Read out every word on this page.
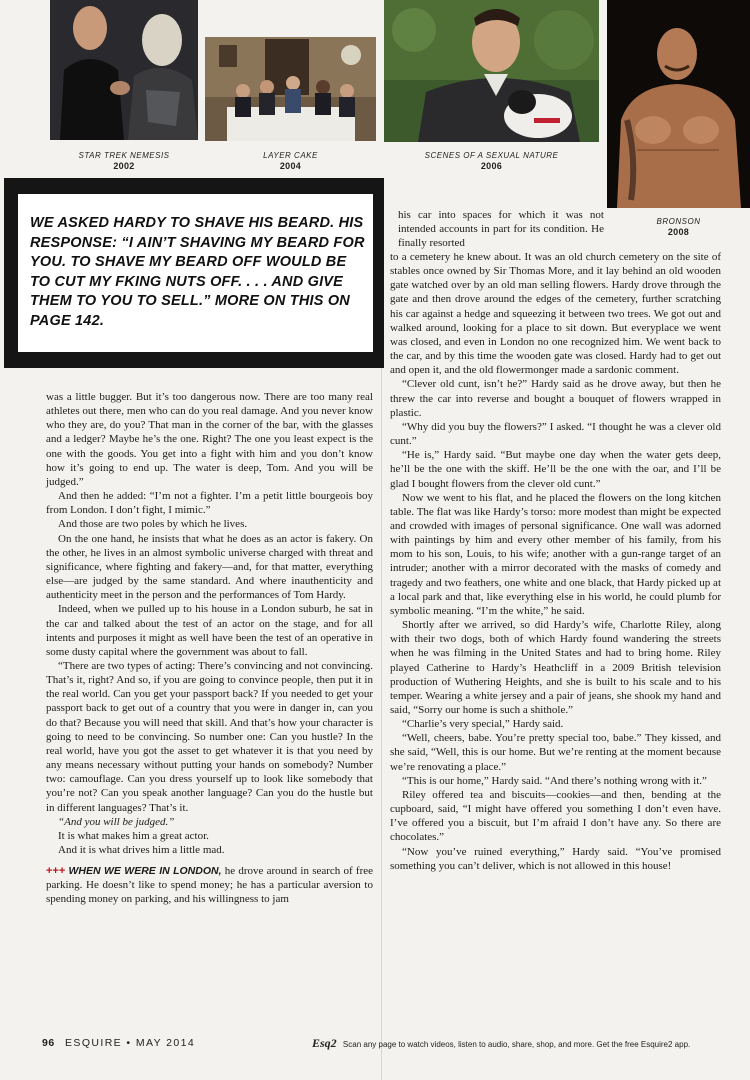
STAR TREK NEMESIS
2002
LAYER CAKE
2004
SCENES OF A SEXUAL NATURE
2006
BRONSON
2008
WE ASKED HARDY TO SHAVE HIS BEARD. HIS RESPONSE: “I AIN’T SHAVING MY BEARD FOR YOU. TO SHAVE MY BEARD OFF WOULD BE TO CUT MY FKING NUTS OFF. . . . AND GIVE THEM TO YOU TO SELL.” MORE ON THIS ON PAGE 142.

was a little bugger. But it’s too dangerous now. There are too many real athletes out there, men who can do you real damage. And you never know who they are, do you? That man in the corner of the bar, with the glasses and a ledger? Maybe he’s the one. Right? The one you least expect is the one with the goods. You get into a fight with him and you don’t know how it’s going to end up. The water is deep, Tom. And you will be judged.”

And then he added: “I’m not a fighter. I’m a petit little bourgeois boy from London. I don’t fight, I mimic.”

And those are two poles by which he lives.

On the one hand, he insists that what he does as an actor is fakery. On the other, he lives in an almost symbolic universe charged with threat and significance, where fighting and fakery—and, for that matter, everything else—are judged by the same standard. And where inauthenticity and authenticity meet in the person and the performances of Tom Hardy.

Indeed, when we pulled up to his house in a London suburb, he sat in the car and talked about the test of an actor on the stage, and for all intents and purposes it might as well have been the test of an operative in some dusty capital where the government was about to fall.

“There are two types of acting: There’s convincing and not convincing. That’s it, right? And so, if you are going to convince people, then put it in the real world. Can you get your passport back? If you needed to get your passport back to get out of a country that you were in danger in, can you do that? Because you will need that skill. And that’s how your character is going to need to be convincing. So number one: Can you hustle? In the real world, have you got the asset to get whatever it is that you need by any means necessary without putting your hands on somebody? Number two: camouflage. Can you dress yourself up to look like somebody that you’re not? Can you speak another language? Can you do the hustle but in different languages? That’s it.

“And you will be judged.”

It is what makes him a great actor.

And it is what drives him a little mad.

+++ WHEN WE WERE IN LONDON, he drove around in search of free parking. He doesn’t like to spend money; he has a particular aversion to spending money on parking, and his willingness to jam

his car into spaces for which it was not intended accounts in part for its condition. He finally resorted

to a cemetery he knew about. It was an old church cemetery on the site of stables once owned by Sir Thomas More, and it lay behind an old wooden gate watched over by an old man selling flowers. Hardy drove through the gate and then drove around the edges of the cemetery, further scratching his car against a hedge and squeezing it between two trees. We got out and walked around, looking for a place to sit down. But everyplace we went was closed, and even in London no one recognized him. We went back to the car, and by this time the wooden gate was closed. Hardy had to get out and open it, and the old flowermonger made a sardonic comment.

“Clever old cunt, isn’t he?” Hardy said as he drove away, but then he threw the car into reverse and bought a bouquet of flowers wrapped in plastic.

“Why did you buy the flowers?” I asked. “I thought he was a clever old cunt.”

“He is,” Hardy said. “But maybe one day when the water gets deep, he’ll be the one with the skiff. He’ll be the one with the oar, and I’ll be glad I bought flowers from the clever old cunt.”

Now we went to his flat, and he placed the flowers on the long kitchen table. The flat was like Hardy’s torso: more modest than might be expected and crowded with images of personal significance. One wall was adorned with paintings by him and every other member of his family, from his mom to his son, Louis, to his wife; another with a gun-range target of an intruder; another with a mirror decorated with the masks of comedy and tragedy and two feathers, one white and one black, that Hardy picked up at a local park and that, like everything else in his world, he could plumb for symbolic meaning. “I’m the white,” he said.

Shortly after we arrived, so did Hardy’s wife, Charlotte Riley, along with their two dogs, both of which Hardy found wandering the streets when he was filming in the United States and had to bring home. Riley played Catherine to Hardy’s Heathcliff in a 2009 British television production of Wuthering Heights, and she is built to his scale and to his temper. Wearing a white jersey and a pair of jeans, she shook my hand and said, “Sorry our home is such a shithole.”

“Charlie’s very special,” Hardy said.

“Well, cheers, babe. You’re pretty special too, babe.” They kissed, and she said, “Well, this is our home. But we’re renting at the moment because we’re renovating a place.”

“This is our home,” Hardy said. “And there’s nothing wrong with it.”

Riley offered tea and biscuits—cookies—and then, bending at the cupboard, said, “I might have offered you something I don’t even have. I’ve offered you a biscuit, but I’m afraid I don’t have any. So there are chocolates.”

“Now you’ve ruined everything,” Hardy said. “You’ve promised something you can’t deliver, which is not allowed in this house!

96 ESQUIRE • MAY 2014	Esq2 Scan any page to watch videos, listen to audio, share, shop, and more. Get the free Esquire2 app.
